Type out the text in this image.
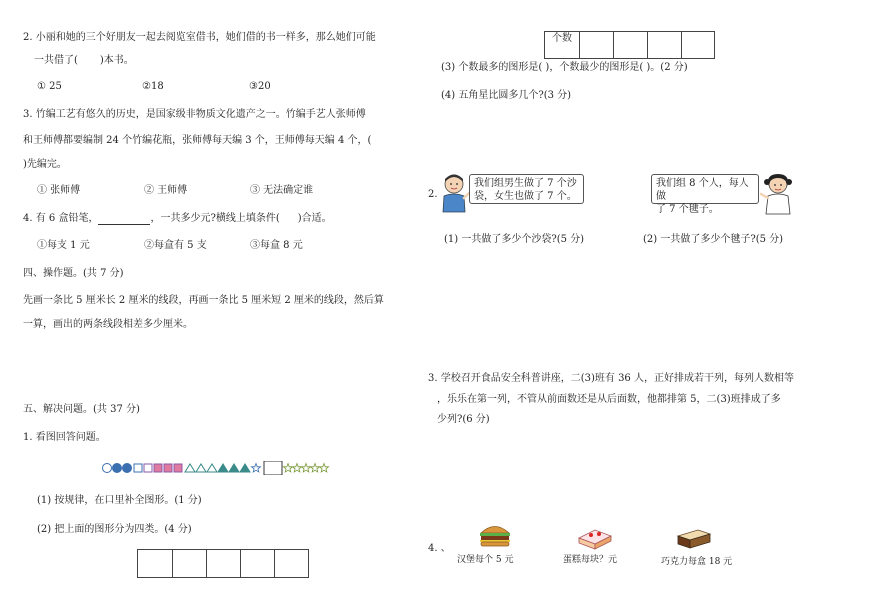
2. 小丽和她的三个好朋友一起去阅览室借书，她们借的书一样多，那么她们可能
一共借了( )本书。
① 25	②18	③20
3. 竹编工艺有悠久的历史，是国家级非物质文化遗产之一。竹编手艺人张师傅
和王师傅都要编制 24 个竹编花瓶，张师傅每天编 3 个，王师傅每天编 4 个，(
)先编完。
① 张师傅	② 王师傅	③ 无法确定谁
4. 有 6 盒铅笔，	，一共多少元?横线上填条件( )合适。
①每支 1 元	②每盒有 5 支	③每盒 8 元
四、操作题。(共 7 分)
先画一条比 5 厘米长 2 厘米的线段，再画一条比 5 厘米短 2 厘米的线段，然后算
一算，画出的两条线段相差多少厘米。
五、解决问题。(共 37 分)
1. 看图回答问题。
(1) 按规律，在口里补全图形。(1 分)
(2) 把上面的图形分为四类。(4 分)
个数
(3) 个数最多的图形是( )，个数最少的图形是( )。(2 分)
(4) 五角星比圆多几个?(3 分)
2.
我们组男生做了 7 个沙
袋，女生也做了 7 个。
我们组 8 个人，每人做
了 7 个毽子。
(1) 一共做了多少个沙袋?(5 分)	(2) 一共做了多少个毽子?(5 分)
3. 学校召开食品安全科普讲座，二(3)班有 36 人，正好排成若干列，每列人数相等
，乐乐在第一列，不管从前面数还是从后面数，他都排第 5，二(3)班排成了多
少列?(6 分)
4. 、
汉堡每个 5 元	蛋糕每块？元	巧克力每盒 18 元
